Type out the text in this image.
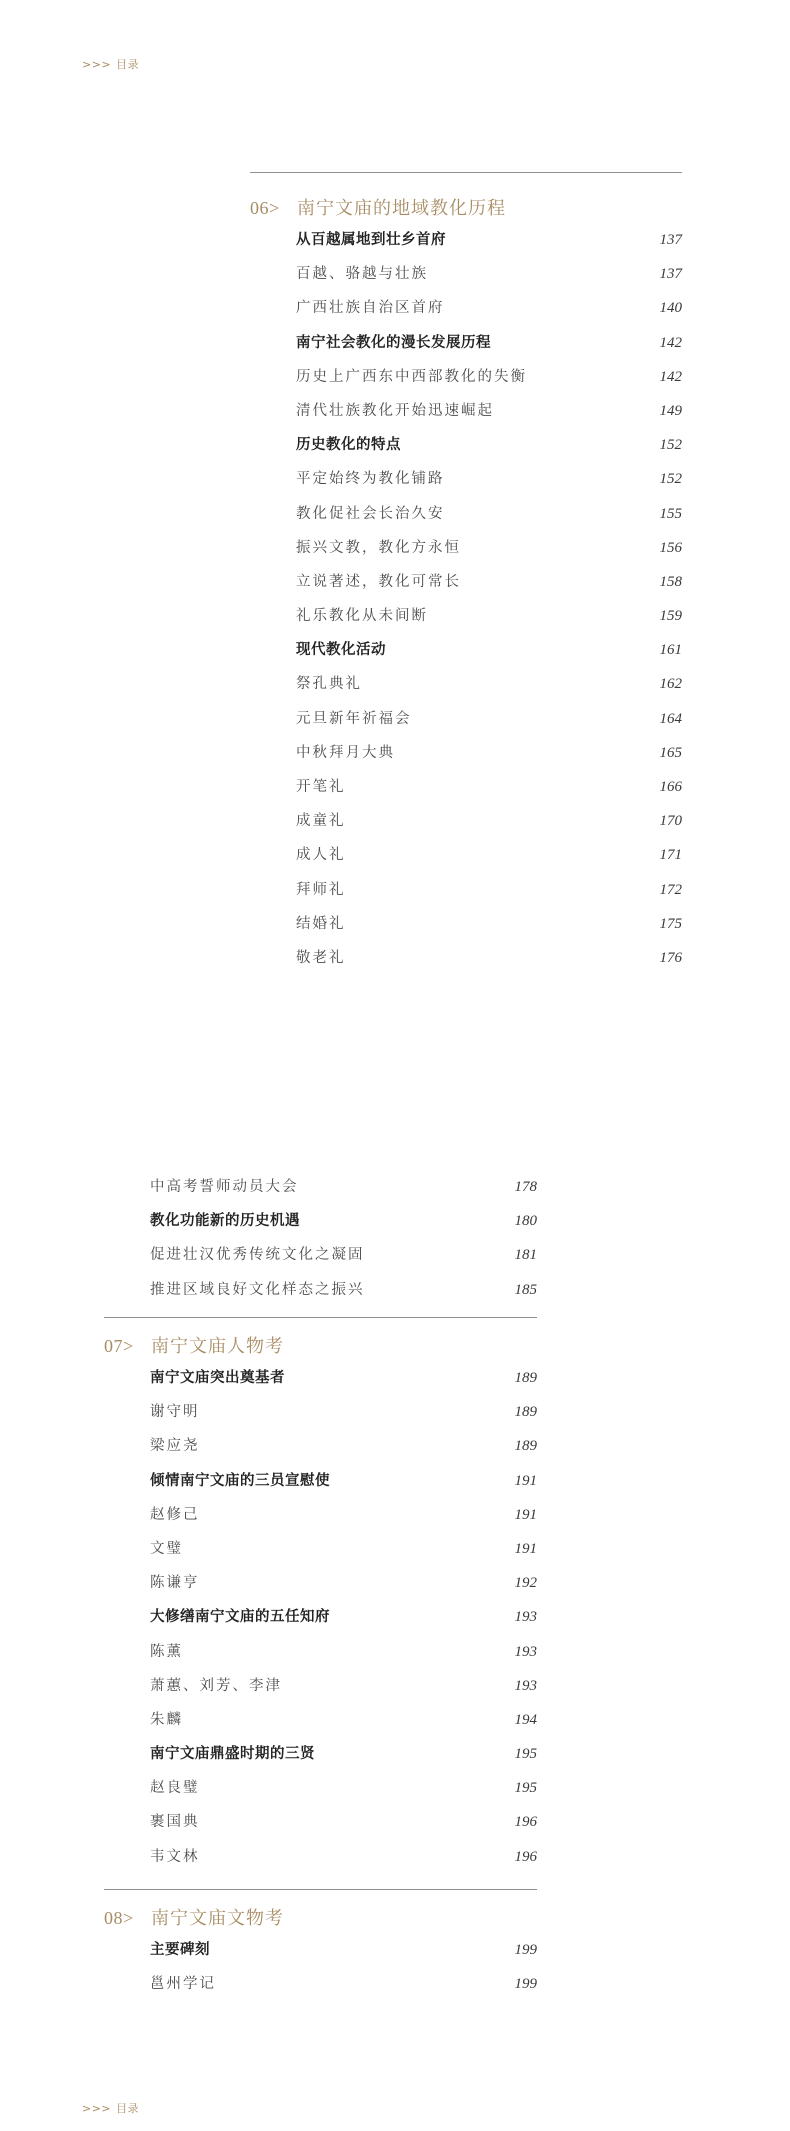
>>> 目录
06> 南宁文庙的地域教化历程
从百越属地到壮乡首府	137
百越、骆越与壮族	137
广西壮族自治区首府	140
南宁社会教化的漫长发展历程	142
历史上广西东中西部教化的失衡	142
清代壮族教化开始迅速崛起	149
历史教化的特点	152
平定始终为教化铺路	152
教化促社会长治久安	155
振兴文教，教化方永恒	156
立说著述，教化可常长	158
礼乐教化从未间断	159
现代教化活动	161
祭孔典礼	162
元旦新年祈福会	164
中秋拜月大典	165
开笔礼	166
成童礼	170
成人礼	171
拜师礼	172
结婚礼	175
敬老礼	176
中高考誓师动员大会	178
教化功能新的历史机遇	180
促进壮汉优秀传统文化之凝固	181
推进区域良好文化样态之振兴	185
07> 南宁文庙人物考
南宁文庙突出奠基者	189
谢守明	189
梁应尧	189
倾情南宁文庙的三员宣慰使	191
赵修己	191
文璧	191
陈谦亨	192
大修缮南宁文庙的五任知府	193
陈薰	193
萧蕙、刘芳、李津	193
朱麟	194
南宁文庙鼎盛时期的三贤	195
赵良璧	195
裹国典	196
韦文林	196
08> 南宁文庙文物考
主要碑刻	199
邕州学记	199
>>> 目录
